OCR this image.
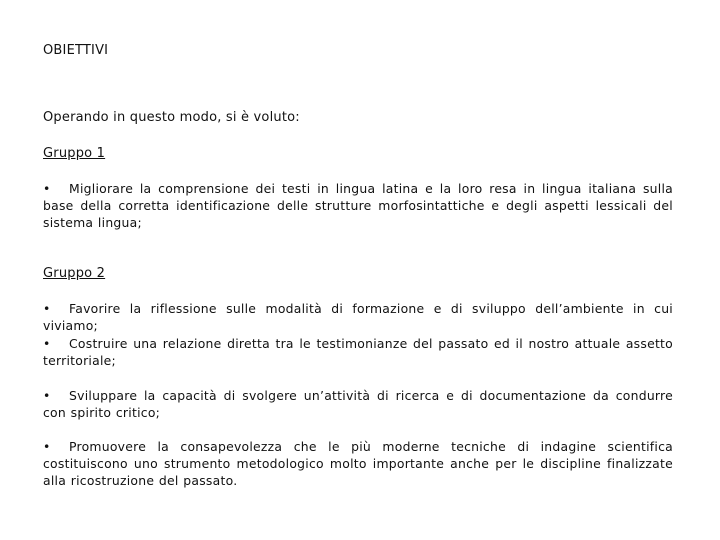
OBIETTIVI
Operando in questo modo, si è voluto:
Gruppo 1
• Migliorare la comprensione dei testi in lingua latina e la loro resa in lingua italiana sulla base della corretta identificazione delle strutture morfosintattiche e degli aspetti lessicali del sistema lingua;
Gruppo 2
• Favorire la riflessione sulle modalità di formazione e di sviluppo dell’ambiente in cui viviamo;
• Costruire una relazione diretta tra le testimonianze del passato ed il nostro attuale assetto territoriale;
• Sviluppare la capacità di svolgere un’attività di ricerca e di documentazione da condurre con spirito critico;
• Promuovere la consapevolezza che le più moderne tecniche di indagine scientifica costituiscono uno strumento metodologico molto importante anche per le discipline finalizzate alla ricostruzione del passato.
